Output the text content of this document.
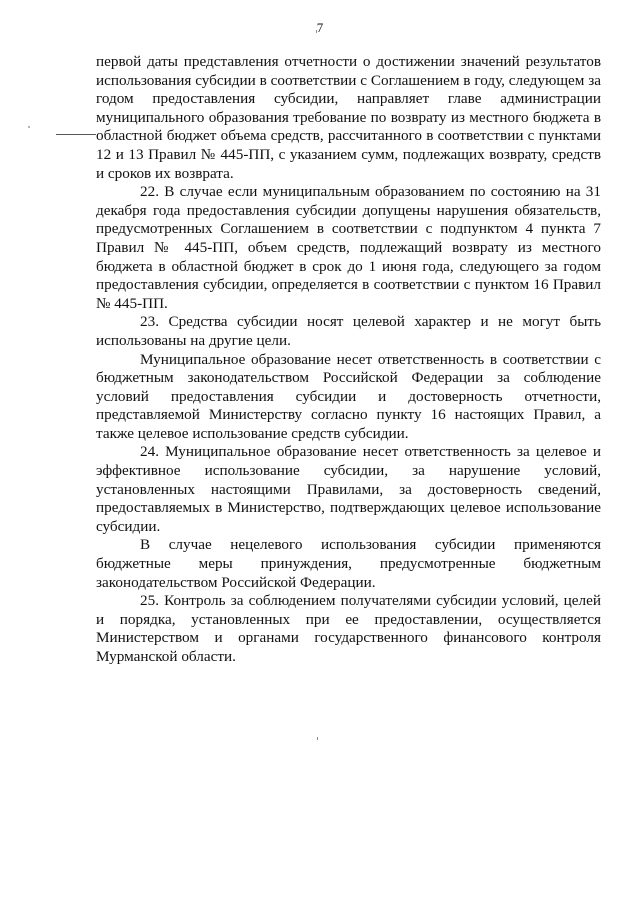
7

первой даты представления отчетности о достижении значений результатов использования субсидии в соответствии с Соглашением в году, следующем за годом предоставления субсидии, направляет главе администрации муниципального образования требование по возврату из местного бюджета в областной бюджет объема средств, рассчитанного в соответствии с пунктами 12 и 13 Правил № 445-ПП, с указанием сумм, подлежащих возврату, средств и сроков их возврата.

22. В случае если муниципальным образованием по состоянию на 31 декабря года предоставления субсидии допущены нарушения обязательств, предусмотренных Соглашением в соответствии с подпунктом 4 пункта 7 Правил № 445-ПП, объем средств, подлежащий возврату из местного бюджета в областной бюджет в срок до 1 июня года, следующего за годом предоставления субсидии, определяется в соответствии с пунктом 16 Правил № 445-ПП.

23. Средства субсидии носят целевой характер и не могут быть использованы на другие цели.

Муниципальное образование несет ответственность в соответствии с бюджетным законодательством Российской Федерации за соблюдение условий предоставления субсидии и достоверность отчетности, представляемой Министерству согласно пункту 16 настоящих Правил, а также целевое использование средств субсидии.

24. Муниципальное образование несет ответственность за целевое и эффективное использование субсидии, за нарушение условий, установленных настоящими Правилами, за достоверность сведений, предоставляемых в Министерство, подтверждающих целевое использование субсидии.

В случае нецелевого использования субсидии применяются бюджетные меры принуждения, предусмотренные бюджетным законодательством Российской Федерации.

25. Контроль за соблюдением получателями субсидии условий, целей и порядка, установленных при ее предоставлении, осуществляется Министерством и органами государственного финансового контроля Мурманской области.
